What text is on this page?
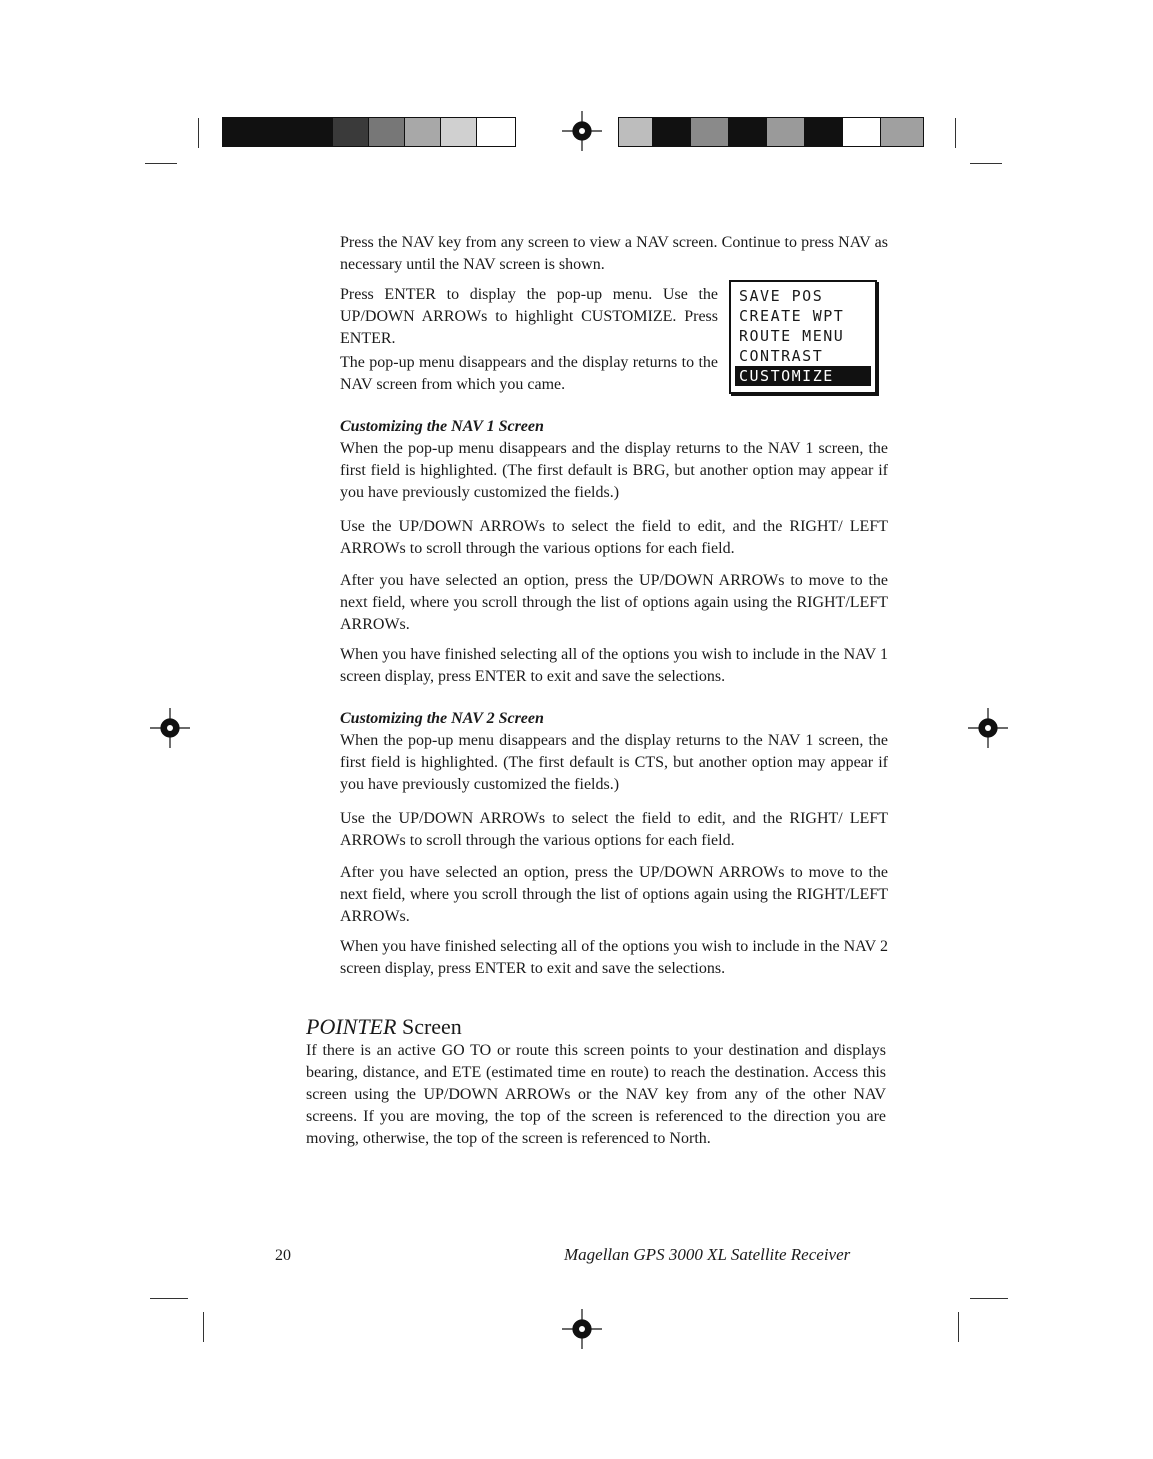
Press the NAV key from any screen to view a NAV screen. Continue to press NAV as necessary until the NAV screen is shown.

Press ENTER to display the pop-up menu. Use the UP/DOWN ARROWs to highlight CUSTOMIZE. Press ENTER.

The pop-up menu disappears and the display returns to the NAV screen from which you came.

SAVE POS
CREATE WPT
ROUTE MENU
CONTRAST
CUSTOMIZE
Customizing the NAV 1 Screen

When the pop-up menu disappears and the display returns to the NAV 1 screen, the first field is highlighted. (The first default is BRG, but another option may appear if you have previously customized the fields.)

Use the UP/DOWN ARROWs to select the field to edit, and the RIGHT/ LEFT ARROWs to scroll through the various options for each field.

After you have selected an option, press the UP/DOWN ARROWs to move to the next field, where you scroll through the list of options again using the RIGHT/LEFT ARROWs.

When you have finished selecting all of the options you wish to include in the NAV 1 screen display, press ENTER to exit and save the selections.

Customizing the NAV 2 Screen

When the pop-up menu disappears and the display returns to the NAV 1 screen, the first field is highlighted. (The first default is CTS, but another option may appear if you have previously customized the fields.)

Use the UP/DOWN ARROWs to select the field to edit, and the RIGHT/ LEFT ARROWs to scroll through the various options for each field.

After you have selected an option, press the UP/DOWN ARROWs to move to the next field, where you scroll through the list of options again using the RIGHT/LEFT ARROWs.

When you have finished selecting all of the options you wish to include in the NAV 2 screen display, press ENTER to exit and save the selections.

POINTER Screen

If there is an active GO TO or route this screen points to your destination and displays bearing, distance, and ETE (estimated time en route) to reach the destination. Access this screen using the UP/DOWN ARROWs or the NAV key from any of the other NAV screens. If you are moving, the top of the screen is referenced to the direction you are moving, otherwise, the top of the screen is referenced to North.

20	Magellan GPS 3000 XL Satellite Receiver
